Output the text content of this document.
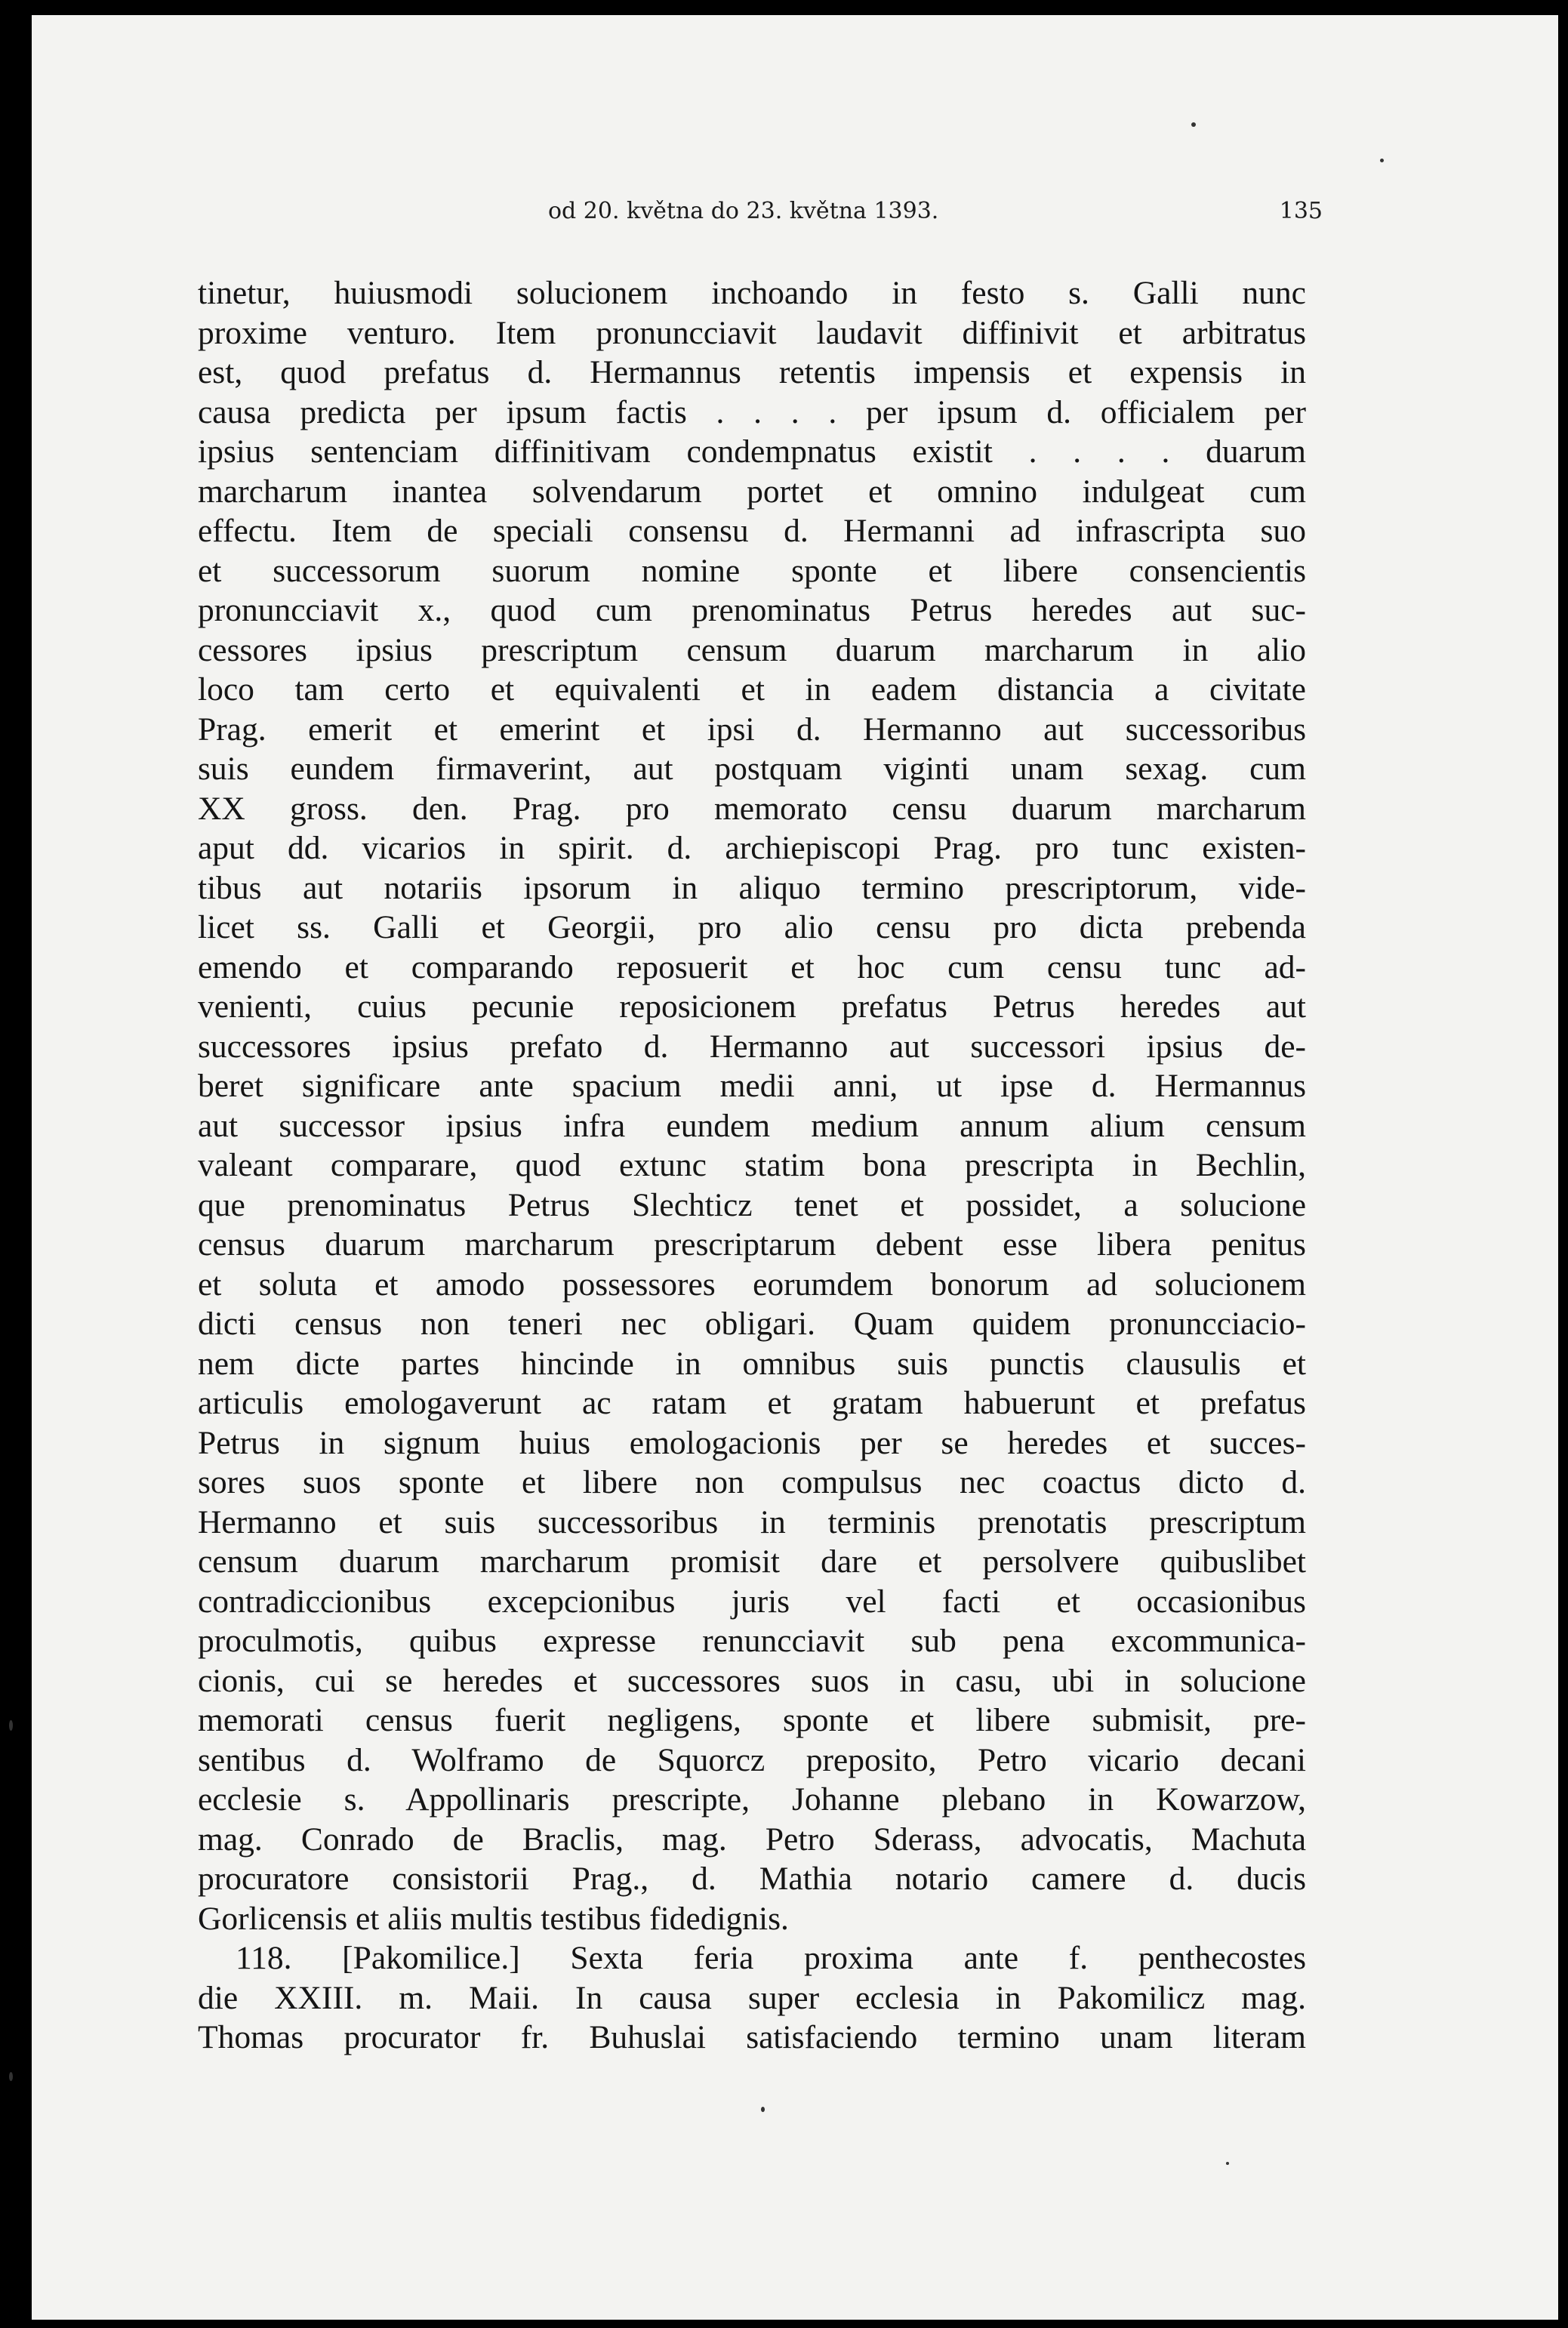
od 20. května do 23. května 1393.	135
tinetur, huiusmodi solucionem inchoando in festo s. Galli nunc
proxime venturo. Item pronuncciavit laudavit diffinivit et arbitratus
est, quod prefatus d. Hermannus retentis impensis et expensis in
causa predicta per ipsum factis . . . . per ipsum d. officialem per
ipsius sentenciam diffinitivam condempnatus existit . . . . duarum
marcharum inantea solvendarum portet et omnino indulgeat cum
effectu. Item de speciali consensu d. Hermanni ad infrascripta suo
et successorum suorum nomine sponte et libere consencientis
pronuncciavit x., quod cum prenominatus Petrus heredes aut suc-
cessores ipsius prescriptum censum duarum marcharum in alio
loco tam certo et equivalenti et in eadem distancia a civitate
Prag. emerit et emerint et ipsi d. Hermanno aut successoribus
suis eundem firmaverint, aut postquam viginti unam sexag. cum
XX gross. den. Prag. pro memorato censu duarum marcharum
aput dd. vicarios in spirit. d. archiepiscopi Prag. pro tunc existen-
tibus aut notariis ipsorum in aliquo termino prescriptorum, vide-
licet ss. Galli et Georgii, pro alio censu pro dicta prebenda
emendo et comparando reposuerit et hoc cum censu tunc ad-
venienti, cuius pecunie reposicionem prefatus Petrus heredes aut
successores ipsius prefato d. Hermanno aut successori ipsius de-
beret significare ante spacium medii anni, ut ipse d. Hermannus
aut successor ipsius infra eundem medium annum alium censum
valeant comparare, quod extunc statim bona prescripta in Bechlin,
que prenominatus Petrus Slechticz tenet et possidet, a solucione
census duarum marcharum prescriptarum debent esse libera penitus
et soluta et amodo possessores eorumdem bonorum ad solucionem
dicti census non teneri nec obligari. Quam quidem pronuncciacio-
nem dicte partes hincinde in omnibus suis punctis clausulis et
articulis emologaverunt ac ratam et gratam habuerunt et prefatus
Petrus in signum huius emologacionis per se heredes et succes-
sores suos sponte et libere non compulsus nec coactus dicto d.
Hermanno et suis successoribus in terminis prenotatis prescriptum
censum duarum marcharum promisit dare et persolvere quibuslibet
contradiccionibus excepcionibus juris vel facti et occasionibus
proculmotis, quibus expresse renuncciavit sub pena excommunica-
cionis, cui se heredes et successores suos in casu, ubi in solucione
memorati census fuerit negligens, sponte et libere submisit, pre-
sentibus d. Wolframo de Squorcz preposito, Petro vicario decani
ecclesie s. Appollinaris prescripte, Johanne plebano in Kowarzow,
mag. Conrado de Braclis, mag. Petro Sderass, advocatis, Machuta
procuratore consistorii Prag., d. Mathia notario camere d. ducis
Gorlicensis et aliis multis testibus fidedignis.
118. [Pakomilice.] Sexta feria proxima ante f. penthecostes
die XXIII. m. Maii. In causa super ecclesia in Pakomilicz mag.
Thomas procurator fr. Buhuslai satisfaciendo termino unam literam
